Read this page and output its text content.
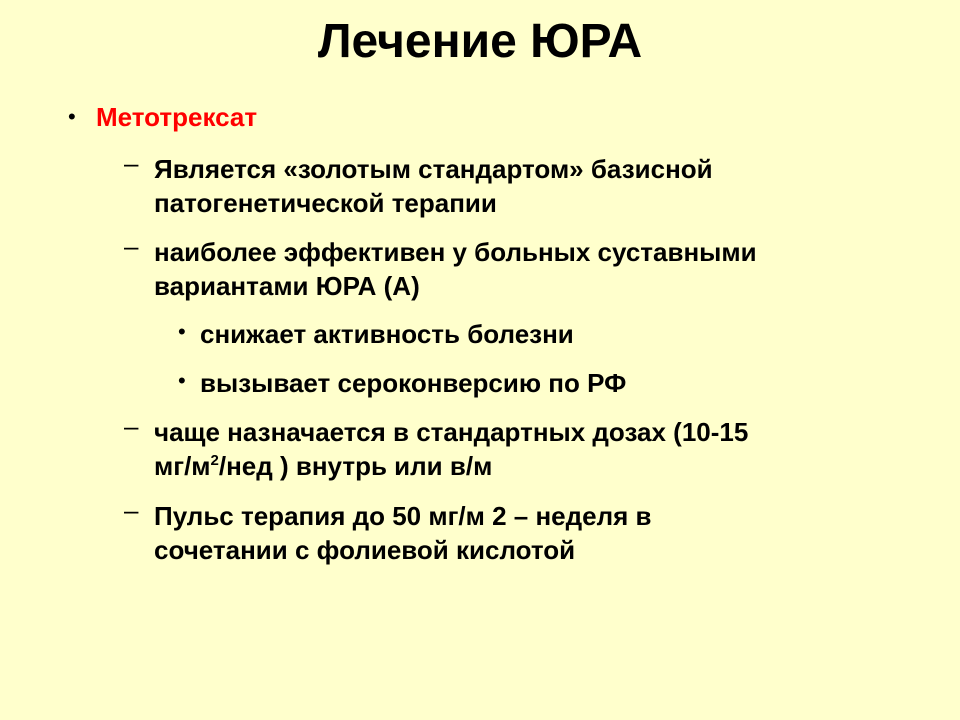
Лечение ЮРА
• Метотрексат
– Является «золотым стандартом» базисной
патогенетической терапии
– наиболее эффективен у больных суставными
вариантами ЮРА (А)
• снижает активность болезни
• вызывает сероконверсию по РФ
– чаще назначается в стандартных дозах (10-15
$мг/м^2$/нед ) внутрь или в/м
– Пульс терапия до 50 мг/м 2 – неделя в
сочетании с фолиевой кислотой
